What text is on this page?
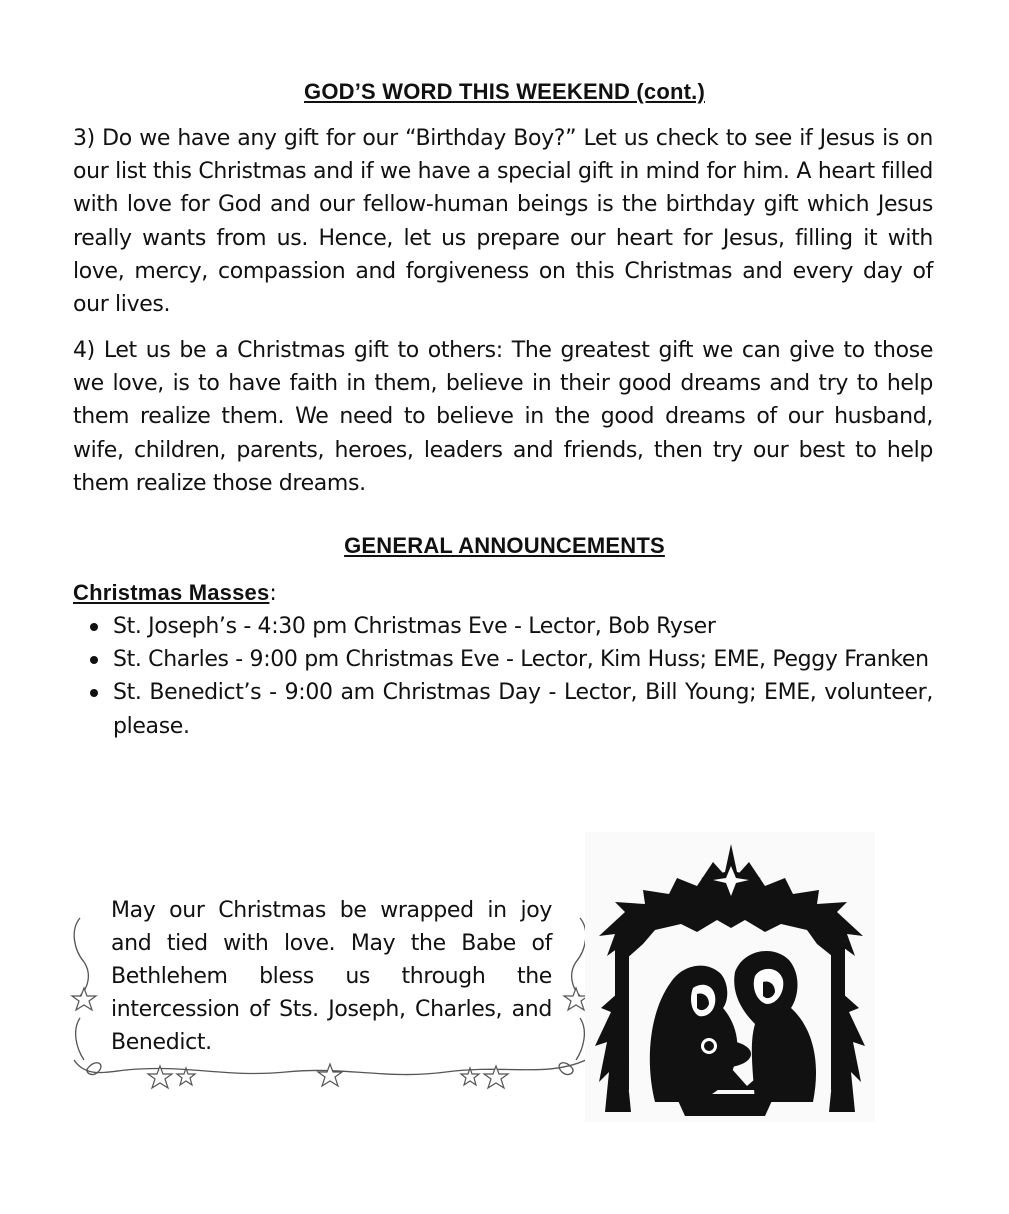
GOD’S WORD THIS WEEKEND (cont.)

3) Do we have any gift for our “Birthday Boy?” Let us check to see if Jesus is on our list this Christmas and if we have a special gift in mind for him. A heart filled with love for God and our fellow-human beings is the birthday gift which Jesus really wants from us. Hence, let us prepare our heart for Jesus, filling it with love, mercy, compassion and forgiveness on this Christmas and every day of our lives.

4) Let us be a Christmas gift to others: The greatest gift we can give to those we love, is to have faith in them, believe in their good dreams and try to help them realize them. We need to believe in the good dreams of our husband, wife, children, parents, heroes, leaders and friends, then try our best to help them realize those dreams.

GENERAL ANNOUNCEMENTS
Christmas Masses:
St. Joseph’s - 4:30 pm Christmas Eve - Lector, Bob Ryser
St. Charles - 9:00 pm Christmas Eve - Lector, Kim Huss; EME, Peggy Franken
St. Benedict’s - 9:00 am Christmas Day - Lector, Bill Young; EME, volunteer, please.

May our Christmas be wrapped in joy and tied with love. May the Babe of Bethlehem bless us through the intercession of Sts. Joseph, Charles, and Benedict.
